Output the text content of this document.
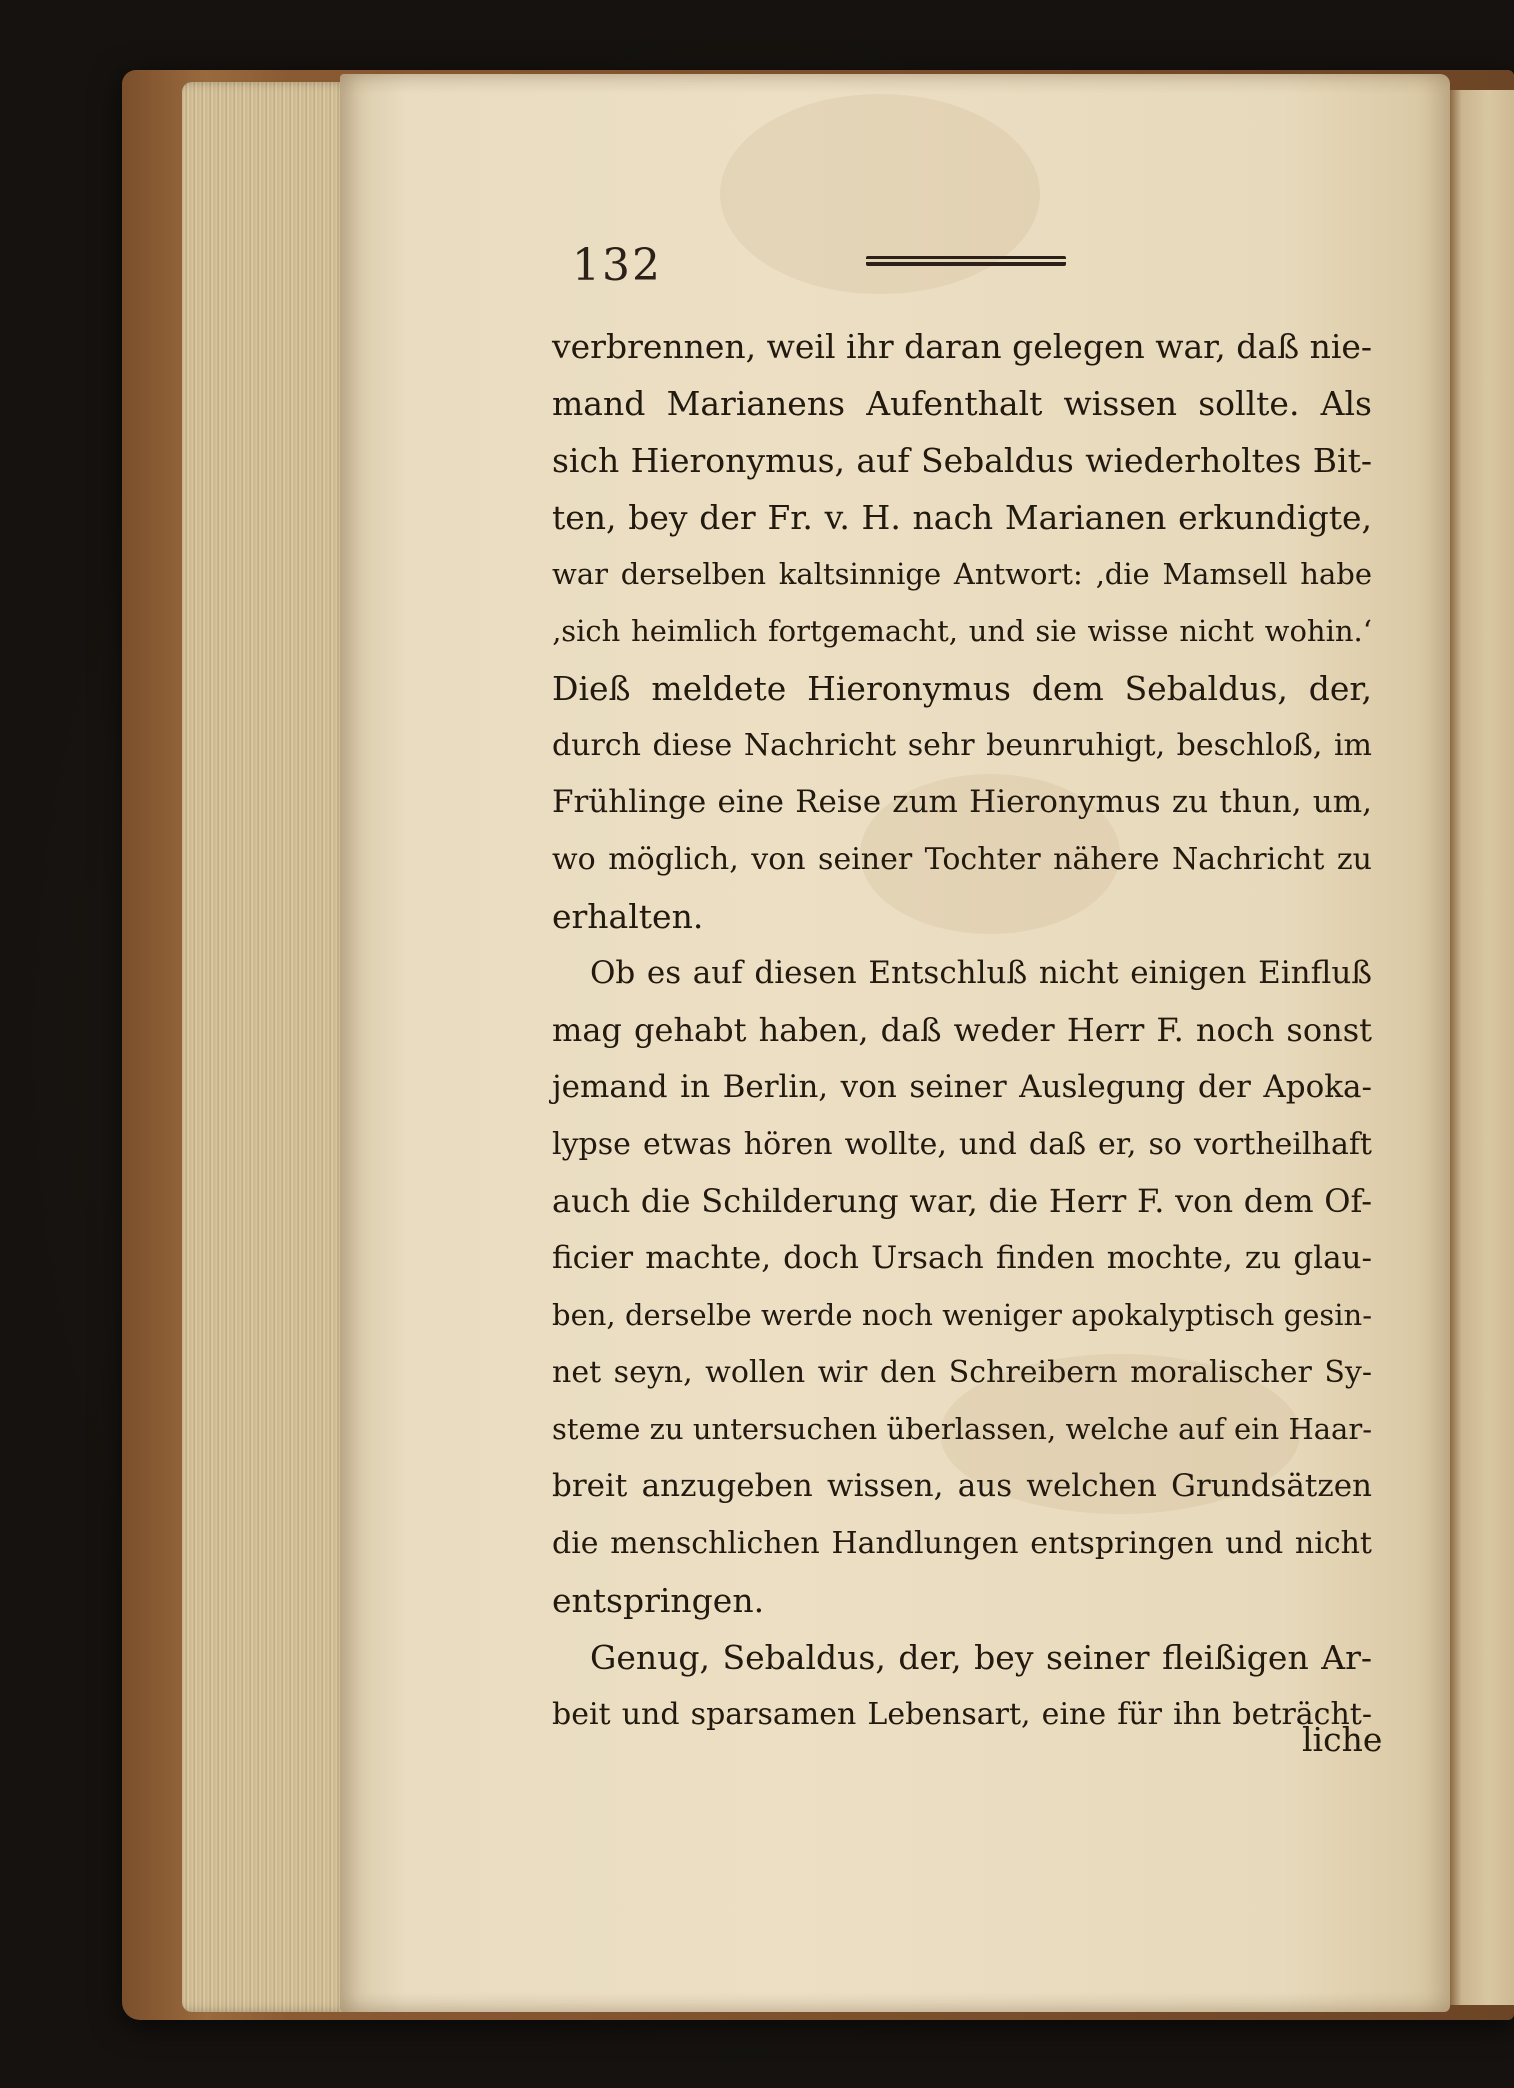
132
verbrennen, weil ihr daran gelegen war, daß nie-
mand Marianens Aufenthalt wissen sollte. Als
sich Hieronymus, auf Sebaldus wiederholtes Bit-
ten, bey der Fr. v. H. nach Marianen erkundigte,
war derselben kaltsinnige Antwort: ‚die Mamsell habe
‚sich heimlich fortgemacht, und sie wisse nicht wohin.‘
Dieß meldete Hieronymus dem Sebaldus, der,
durch diese Nachricht sehr beunruhigt, beschloß, im
Frühlinge eine Reise zum Hieronymus zu thun, um,
wo möglich, von seiner Tochter nähere Nachricht zu
erhalten.
Ob es auf diesen Entschluß nicht einigen Einfluß
mag gehabt haben, daß weder Herr F. noch sonst
jemand in Berlin, von seiner Auslegung der Apoka-
lypse etwas hören wollte, und daß er, so vortheilhaft
auch die Schilderung war, die Herr F. von dem Of-
ficier machte, doch Ursach finden mochte, zu glau-
ben, derselbe werde noch weniger apokalyptisch gesin-
net seyn, wollen wir den Schreibern moralischer Sy-
steme zu untersuchen überlassen, welche auf ein Haar-
breit anzugeben wissen, aus welchen Grundsätzen
die menschlichen Handlungen entspringen und nicht
entspringen.
Genug, Sebaldus, der, bey seiner fleißigen Ar-
beit und sparsamen Lebensart, eine für ihn beträcht-
liche
